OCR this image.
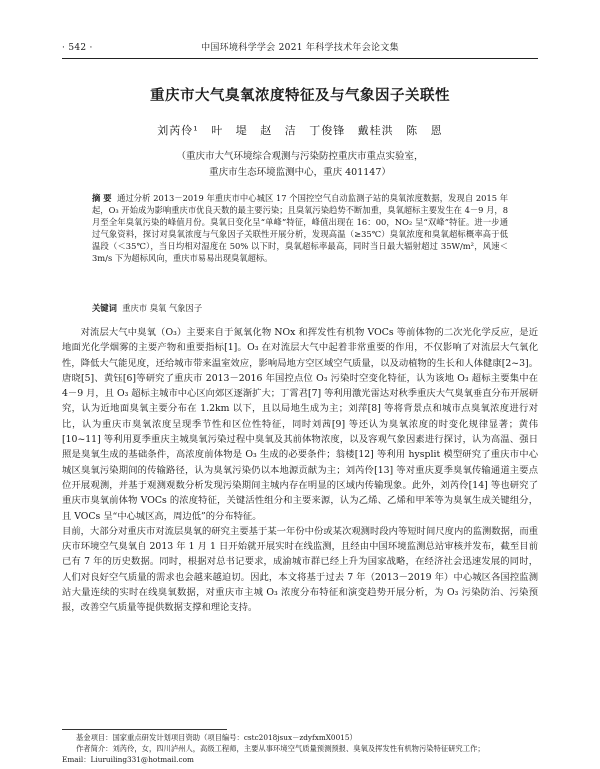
· 542 ·	中国环境科学学会 2021 年科学技术年会论文集
重庆市大气臭氧浓度特征及与气象因子关联性
刘芮伶¹ 叶 堤 赵 洁 丁俊锋 戴桂洪 陈 恩
（重庆市大气环境综合观测与污染防控重庆市重点实验室，
重庆市生态环境监测中心，重庆 401147）

摘 要 通过分析 2013－2019 年重庆市中心城区 17 个国控空气自动监测子站的臭氧浓度数据，发现自 2015 年起，O₃ 开始成为影响重庆市优良天数的最主要污染；且臭氧污染趋势不断加重，臭氧超标主要发生在 4－9 月，8 月至全年臭氧污染的峰值月份。臭氧日变化呈“单峰”特征，峰值出现在 16：00，NO₂ 呈“双峰”特征。进一步通过气象资料，探讨对臭氧浓度与气象因子关联性开展分析，发现高温（≥35℃）臭氧浓度和臭氧超标概率高于低温段（＜35℃），当日均相对湿度在 50% 以下时，臭氧超标率最高，同时当日最大辐射超过 35W/m²，风速＜3m/s 下为超标风向，重庆市易易出现臭氧超标。

关键词 重庆市 臭氧 气象因子

对流层大气中臭氧（O₃）主要来自于氮氧化物 NOx 和挥发性有机物 VOCs 等前体物的二次光化学反应，是近地面光化学烟雾的主要产物和重要指标[1]。O₃ 在对流层大气中起着非常重要的作用，不仅影响了对流层大气氧化性，降低大气能见度，还给城市带来温室效应，影响局地方空区域空气质量，以及动植物的生长和人体健康[2~3]。唐晓[5]、黄钰[6]等研究了重庆市 2013－2016 年国控点位 O₃ 污染时空变化特征，认为该地 O₃ 超标主要集中在 4－9 月，且 O₃ 超标主城市中心区向郊区逐渐扩大；丁霄君[7] 等利用激光雷达对秋季重庆大气臭氧垂直分布开展研究，认为近地面臭氧主要分布在 1.2km 以下，且以局地生成为主；刘萍[8] 等将背景点和城市点臭氧浓度进行对比，认为重庆市臭氧浓度呈现季节性和区位性特征，同时刘茜[9] 等还认为臭氧浓度的时变化规律显著；黄伟[10~11] 等利用夏季重庆主城臭氧污染过程中臭氧及其前体物浓度，以及容观气象因素进行探讨，认为高温、强日照是臭氧生成的基础条件，高浓度前体物是 O₃ 生成的必要条件；翁楼[12] 等利用 hysplit 模型研究了重庆市中心城区臭氧污染期间的传输路径，认为臭氧污染仍以本地源贡献为主；刘芮伶[13] 等对重庆夏季臭氧传输通道主要点位开展观测，并基于观测观数分析发现污染期间主城内存在明显的区域内传输现象。此外，刘芮伶[14] 等也研究了重庆市臭氧前体物 VOCs 的浓度特征，关键活性组分和主要来源，认为乙烯、乙烯和甲苯等为臭氧生成关键组分，且 VOCs 呈“中心城区高，周边低”的分布特征。

目前，大部分对重庆市对流层臭氧的研究主要基于某一年份中份或某次观测时段内等短时间尺度内的监测数据，而重庆市环境空气臭氧自 2013 年 1 月 1 日开始就开展实时在线监测，且经由中国环境监测总站审核并发布，截至目前已有 7 年的历史数据。同时，根据对总书记要求，成渝城市群已经上升为国家战略，在经济社会迅速发展的同时，人们对良好空气质量的需求也会越来越迫切。因此，本文将基于过去 7 年（2013－2019 年）中心城区各国控监测站大量连续的实时在线臭氧数据，对重庆市主城 O₃ 浓度分布特征和演变趋势开展分析，为 O₃ 污染防治、污染预报，改善空气质量等提供数据支撑和理论支持。

基金项目：国家重点研发计划项目资助（项目编号：cstc2018jsux－zdyfxmX0015）
作者简介：刘芮伶，女，四川泸州人，高级工程师，主要从事环境空气质量预测预报、臭氧及挥发性有机物污染特征研究工作；
Email：Liuruiling331@hotmail.com
